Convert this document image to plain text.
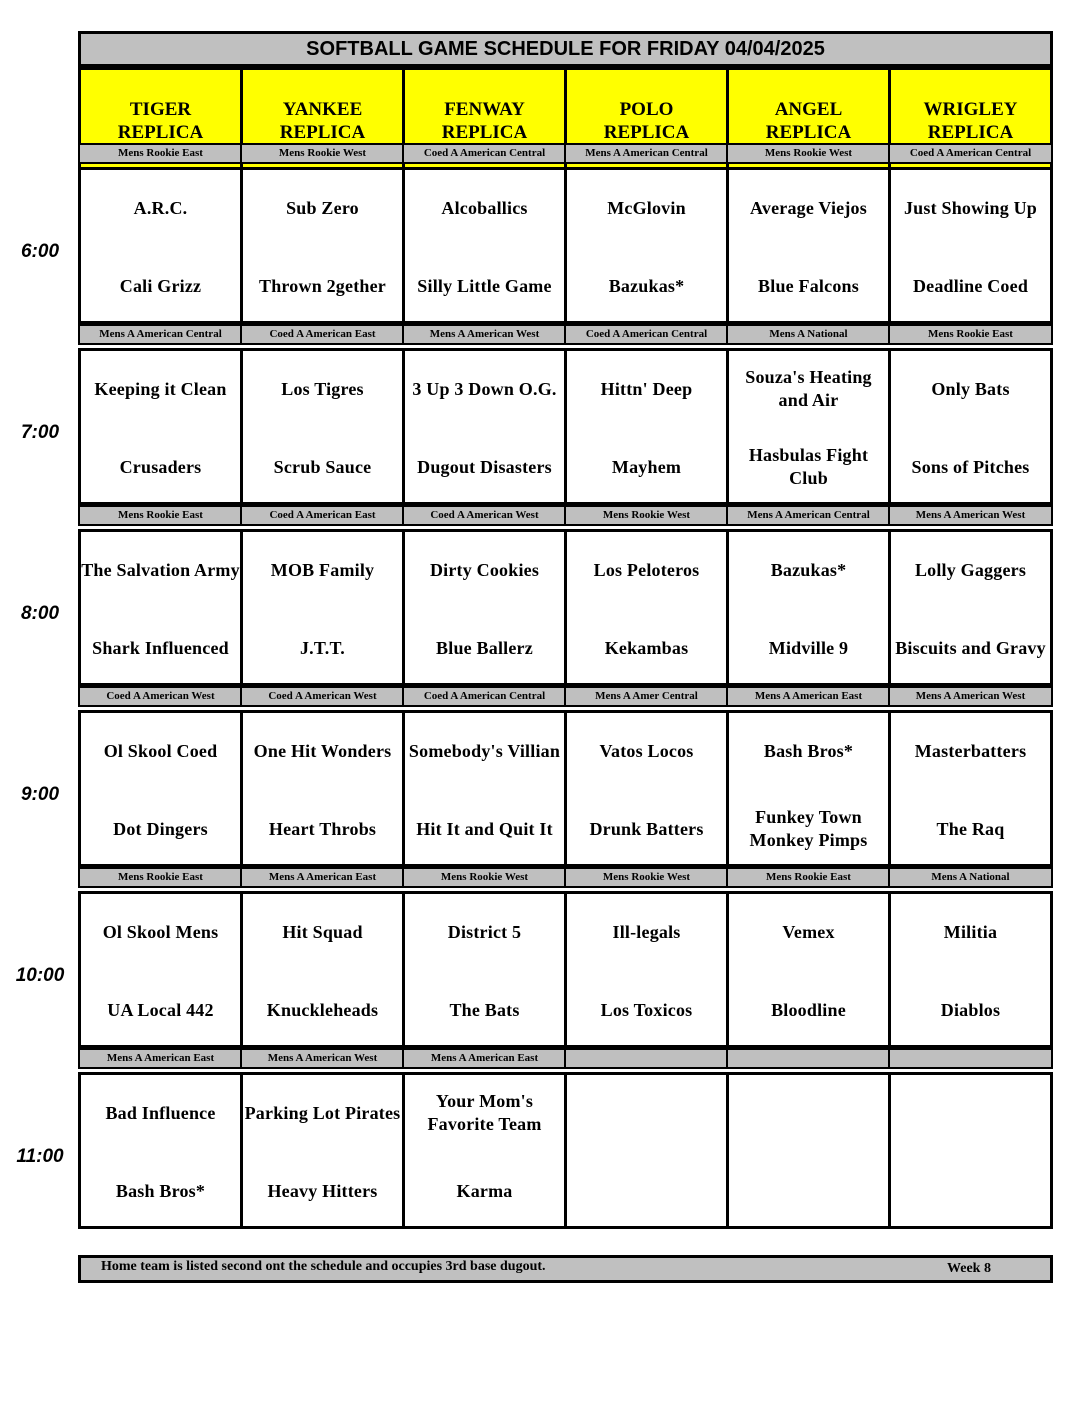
SOFTBALL GAME SCHEDULE FOR FRIDAY 04/04/2025
TIGER
REPLICA
YANKEE
REPLICA
FENWAY
REPLICA
POLO
REPLICA
ANGEL
REPLICA
WRIGLEY
REPLICA
Mens Rookie East
A.R.C.
Cali Grizz
Mens Rookie West
Sub Zero
Thrown 2gether
Coed A American Central
Alcoballics
Silly Little Game
Mens A American Central
McGlovin
Bazukas*
Mens Rookie West
Average Viejos
Blue Falcons
Coed A American Central
Just Showing Up
Deadline Coed
Mens A American Central
Keeping it Clean
Crusaders
Coed A American East
Los Tigres
Scrub Sauce
Mens A American West
3 Up 3 Down O.G.
Dugout Disasters
Coed A American Central
Hittn' Deep
Mayhem
Mens A National
Souza's Heating and Air
Hasbulas Fight Club
Mens Rookie East
Only Bats
Sons of Pitches
Mens Rookie East
The Salvation Army
Shark Influenced
Coed A American East
MOB Family
J.T.T.
Coed A American West
Dirty Cookies
Blue Ballerz
Mens Rookie West
Los Peloteros
Kekambas
Mens A American Central
Bazukas*
Midville 9
Mens A American West
Lolly Gaggers
Biscuits and Gravy
Coed A American West
Ol Skool Coed
Dot Dingers
Coed A American West
One Hit Wonders
Heart Throbs
Coed A American Central
Somebody's Villian
Hit It and Quit It
Mens A Amer Central
Vatos Locos
Drunk Batters
Mens A American East
Bash Bros*
Funkey Town Monkey Pimps
Mens A American West
Masterbatters
The Raq
Mens Rookie East
Ol Skool Mens
UA Local 442
Mens A American East
Hit Squad
Knuckleheads
Mens Rookie West
District 5
The Bats
Mens Rookie West
Ill-legals
Los Toxicos
Mens Rookie East
Vemex
Bloodline
Mens A National
Militia
Diablos
Mens A American East
Bad Influence
Bash Bros*
Mens A American West
Parking Lot Pirates
Heavy Hitters
Mens A American East
Your Mom's Favorite Team
Karma
Home team is listed second ont the schedule and occupies 3rd base dugout.	Week 8
6:00
7:00
8:00
9:00
10:00
11:00
